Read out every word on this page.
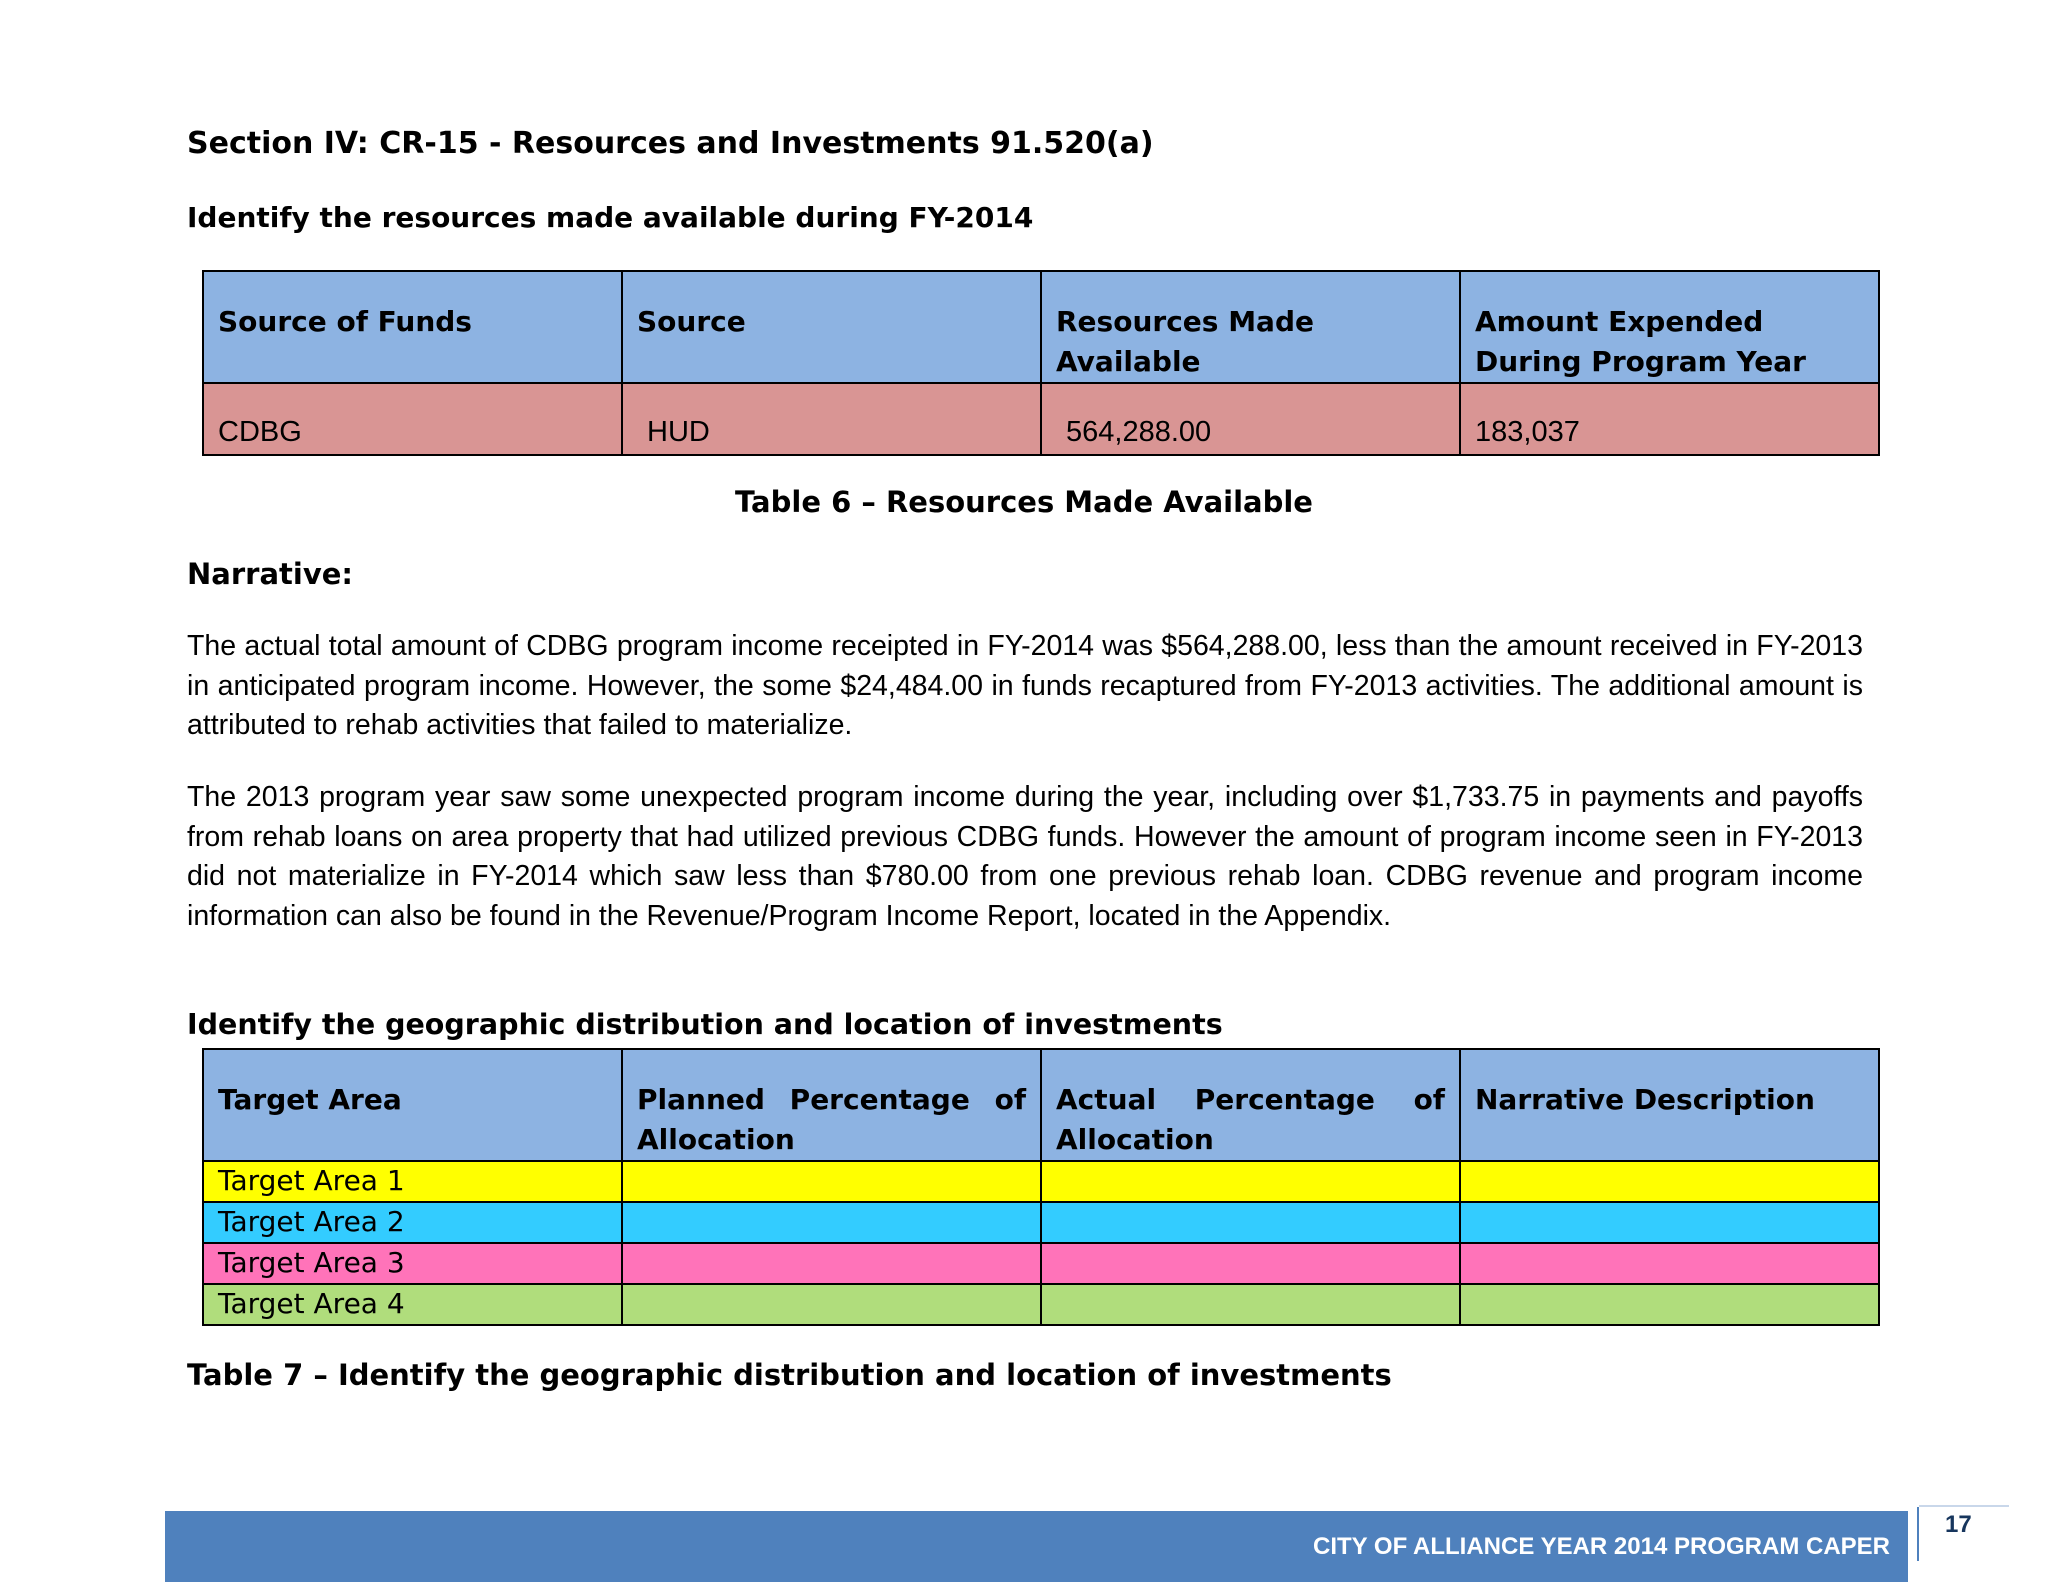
Section IV: CR-15 - Resources and Investments 91.520(a)
Identify the resources made available during FY-2014
Source of Funds	Source	Resources Made Available	Amount Expended During Program Year
CDBG	HUD	564,288.00	183,037
Table 6 – Resources Made Available
Narrative:

The actual total amount of CDBG program income receipted in FY-2014 was $564,288.00, less than the amount received in FY-2013 in anticipated program income. However, the some $24,484.00 in funds recaptured from FY-2013 activities. The additional amount is attributed to rehab activities that failed to materialize.

The 2013 program year saw some unexpected program income during the year, including over $1,733.75 in payments and payoffs from rehab loans on area property that had utilized previous CDBG funds. However the amount of program income seen in FY-2013 did not materialize in FY-2014 which saw less than $780.00 from one previous rehab loan. CDBG revenue and program income information can also be found in the Revenue/Program Income Report, located in the Appendix.

Identify the geographic distribution and location of investments
Target Area	Planned Percentage of Allocation	Actual Percentage of Allocation	Narrative Description
Target Area 1			
Target Area 2			
Target Area 3			
Target Area 4			
Table 7 – Identify the geographic distribution and location of investments
CITY OF ALLIANCE YEAR 2014 PROGRAM CAPER
17
